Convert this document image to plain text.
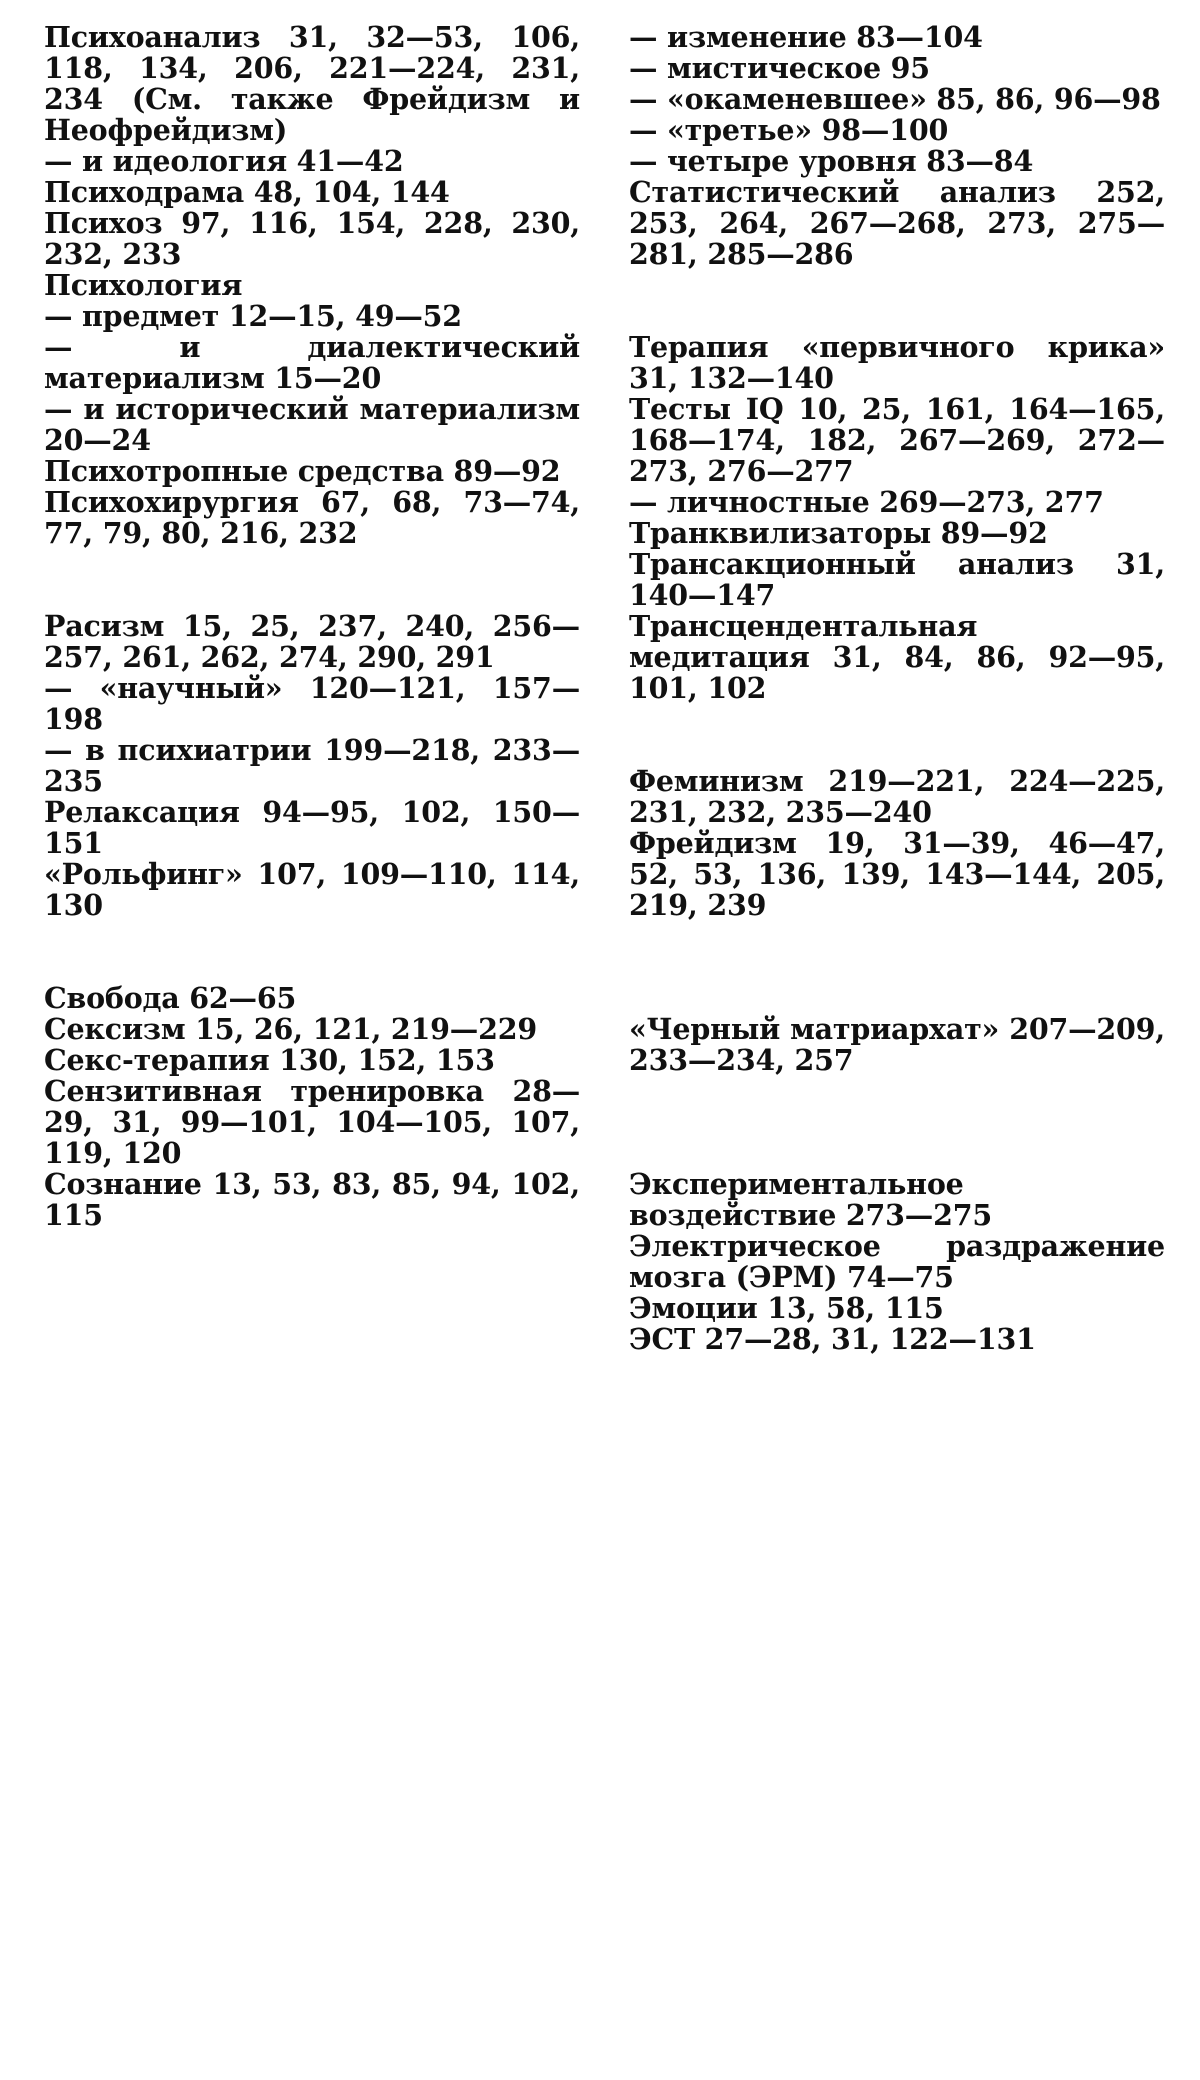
Психоанализ 31, 32—53, 106, 118, 134, 206, 221—224, 231, 234 (См. также Фрейдизм и Неофрейдизм)
— и идеология 41—42
Психодрама 48, 104, 144
Психоз 97, 116, 154, 228, 230, 232, 233
Психология
— предмет 12—15, 49—52
— и диалектический материализм 15—20
— и исторический материализм 20—24
Психотропные средства 89—92
Психохирургия 67, 68, 73—74, 77, 79, 80, 216, 232
Расизм 15, 25, 237, 240, 256—257, 261, 262, 274, 290, 291
— «научный» 120—121, 157—198
— в психиатрии 199—218, 233—235
Релаксация 94—95, 102, 150—151
«Рольфинг» 107, 109—110, 114, 130
Свобода 62—65
Сексизм 15, 26, 121, 219—229
Секс-терапия 130, 152, 153
Сензитивная тренировка 28—29, 31, 99—101, 104—105, 107, 119, 120
Сознание 13, 53, 83, 85, 94, 102, 115
— изменение 83—104
— мистическое 95
— «окаменевшее» 85, 86, 96—98
— «третье» 98—100
— четыре уровня 83—84
Статистический анализ 252, 253, 264, 267—268, 273, 275—281, 285—286
Терапия «первичного крика» 31, 132—140
Тесты IQ 10, 25, 161, 164—165, 168—174, 182, 267—269, 272—273, 276—277
— личностные 269—273, 277
Транквилизаторы 89—92
Трансакционный анализ 31, 140—147
Трансцендентальная медитация 31, 84, 86, 92—95, 101, 102
Феминизм 219—221, 224—225, 231, 232, 235—240
Фрейдизм 19, 31—39, 46—47, 52, 53, 136, 139, 143—144, 205, 219, 239
«Черный матриархат» 207—209, 233—234, 257
Экспериментальное воздействие 273—275
Электрическое раздражение мозга (ЭРМ) 74—75
Эмоции 13, 58, 115
ЭСТ 27—28, 31, 122—131
